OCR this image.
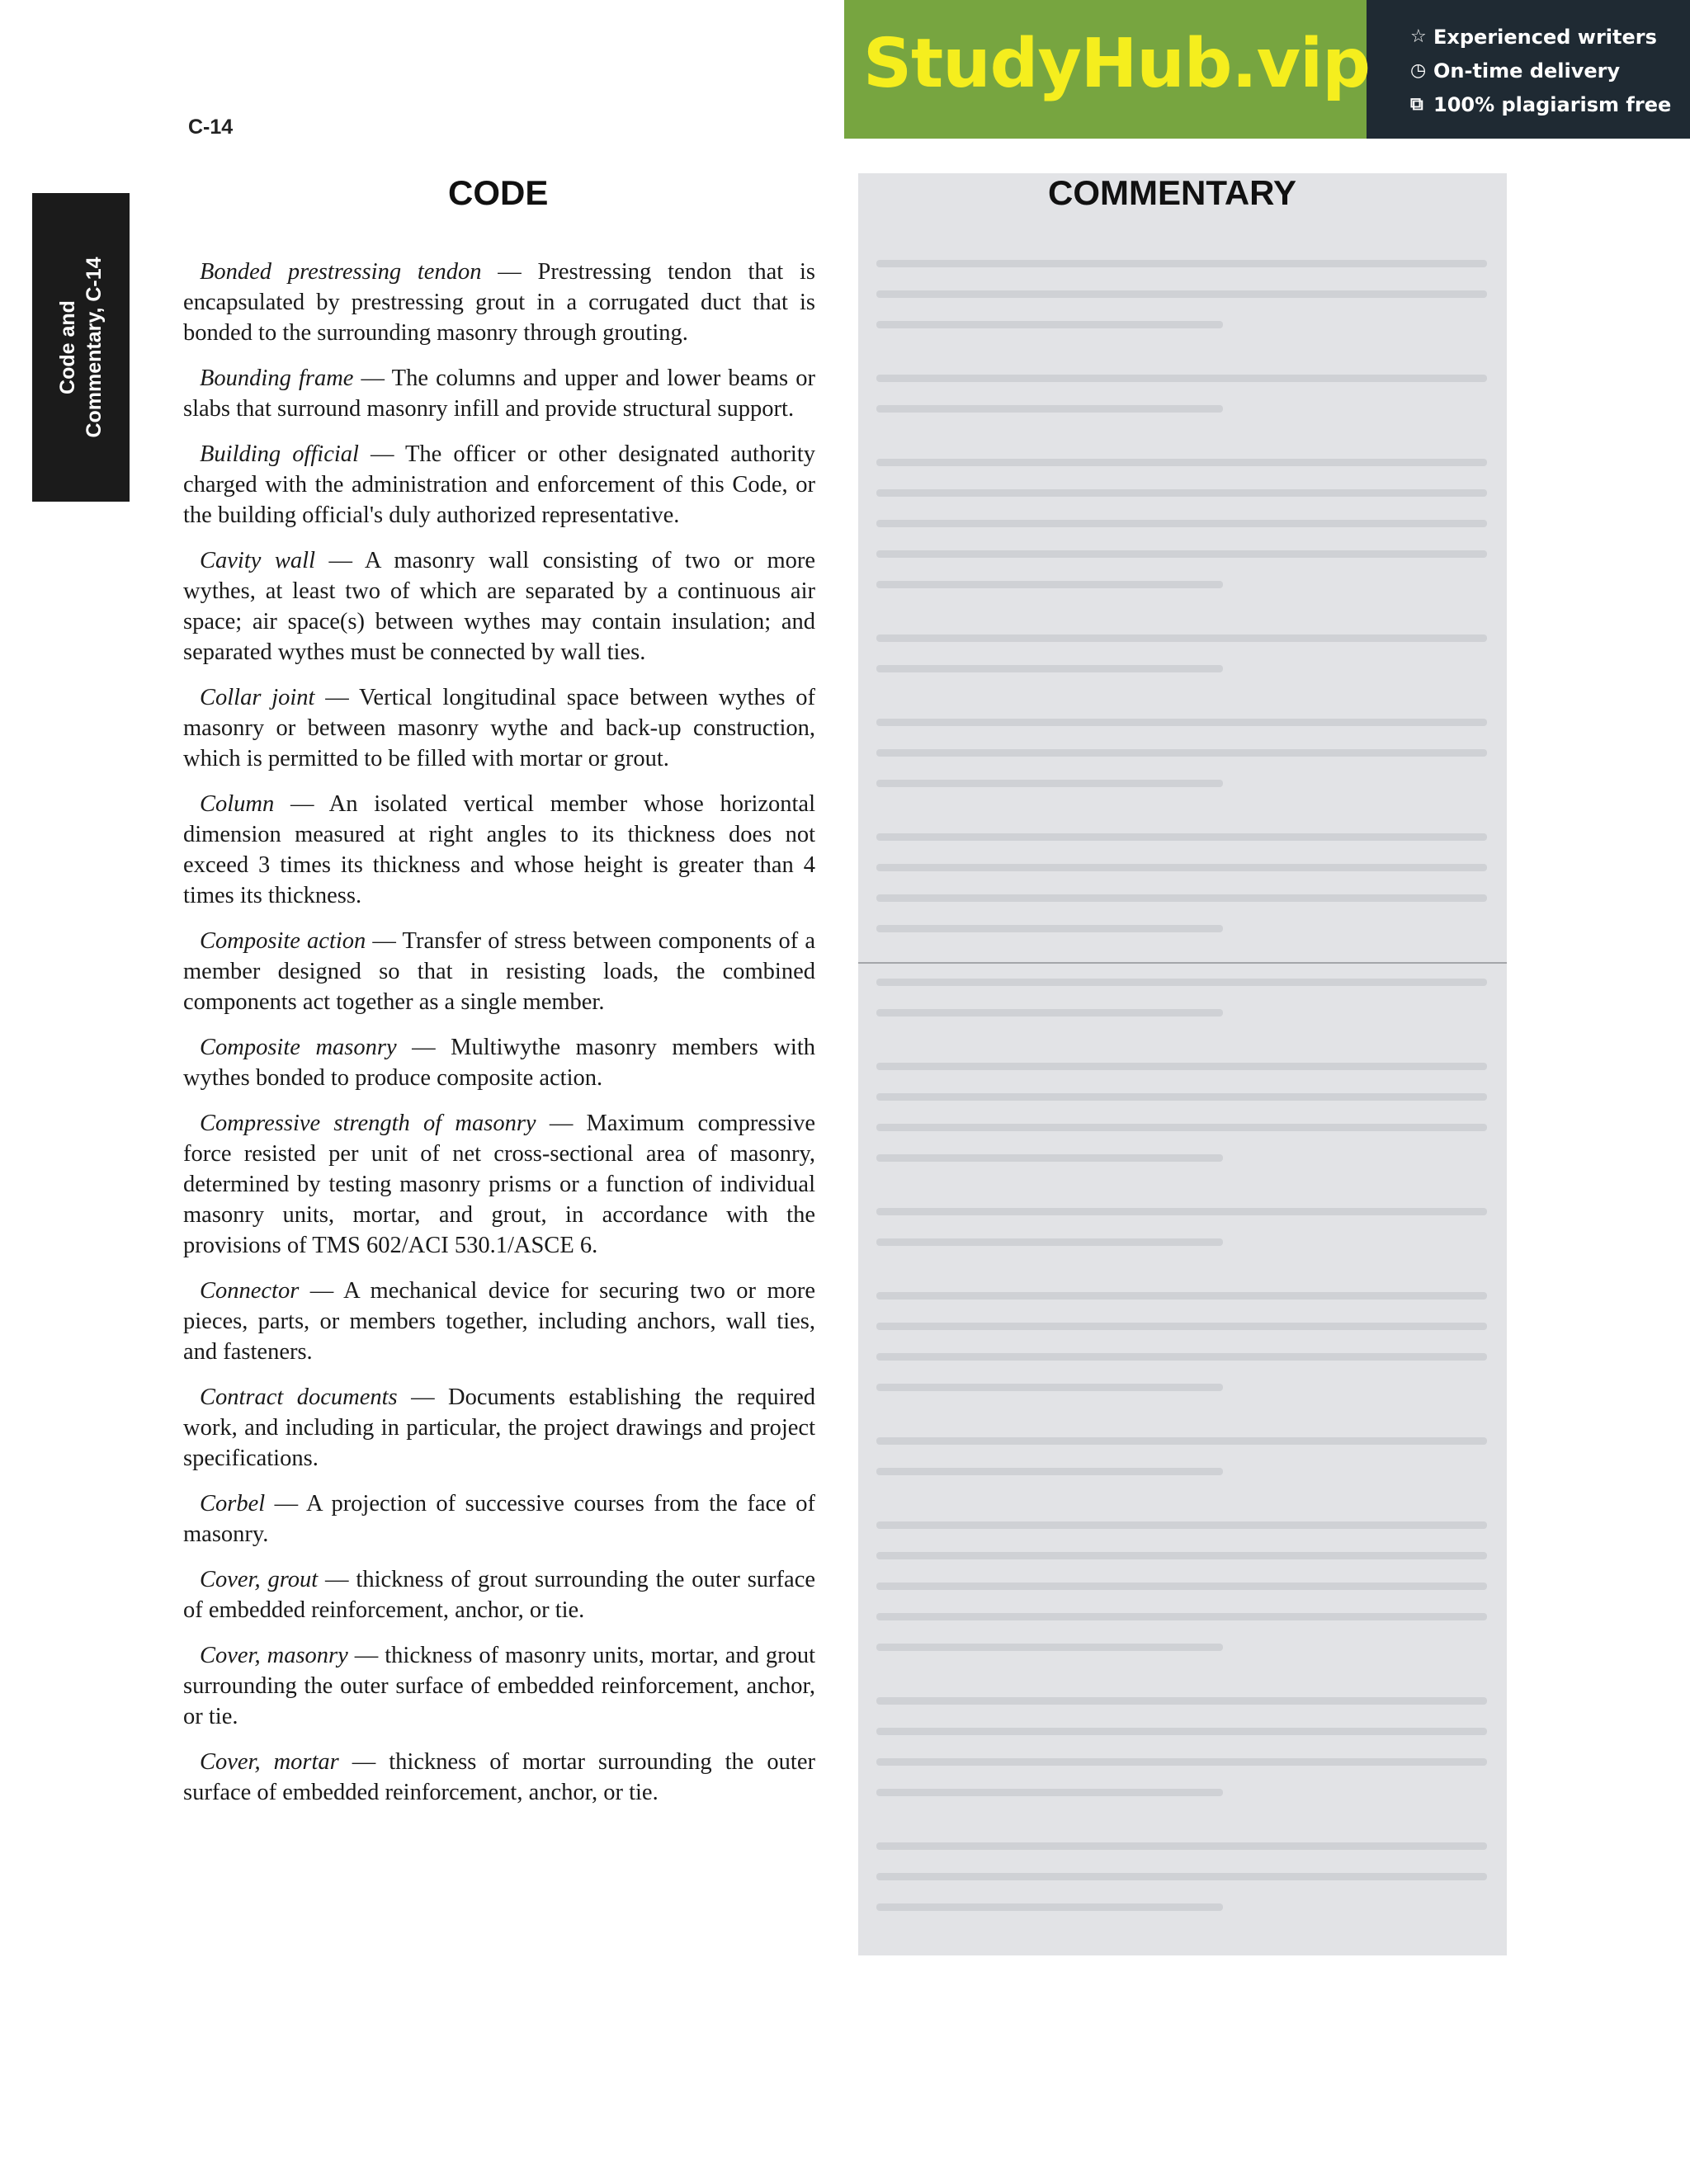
C-14
Code and Commentary, C-14
StudyHub.vip ☆ Experienced writers
◷ On-time delivery
⧉ 100% plagiarism free
CODE

Bonded prestressing tendon — Prestressing tendon that is encapsulated by prestressing grout in a corrugated duct that is bonded to the surrounding masonry through grouting.

Bounding frame — The columns and upper and lower beams or slabs that surround masonry infill and provide structural support.

Building official — The officer or other designated authority charged with the administration and enforcement of this Code, or the building official's duly authorized representative.

Cavity wall — A masonry wall consisting of two or more wythes, at least two of which are separated by a continuous air space; air space(s) between wythes may contain insulation; and separated wythes must be connected by wall ties.

Collar joint — Vertical longitudinal space between wythes of masonry or between masonry wythe and back-up construction, which is permitted to be filled with mortar or grout.

Column — An isolated vertical member whose horizontal dimension measured at right angles to its thickness does not exceed 3 times its thickness and whose height is greater than 4 times its thickness.

Composite action — Transfer of stress between components of a member designed so that in resisting loads, the combined components act together as a single member.

Composite masonry — Multiwythe masonry members with wythes bonded to produce composite action.

Compressive strength of masonry — Maximum compressive force resisted per unit of net cross-sectional area of masonry, determined by testing masonry prisms or a function of individual masonry units, mortar, and grout, in accordance with the provisions of TMS 602/ACI 530.1/ASCE 6.

Connector — A mechanical device for securing two or more pieces, parts, or members together, including anchors, wall ties, and fasteners.

Contract documents — Documents establishing the required work, and including in particular, the project drawings and project specifications.

Corbel — A projection of successive courses from the face of masonry.

Cover, grout — thickness of grout surrounding the outer surface of embedded reinforcement, anchor, or tie.

Cover, masonry — thickness of masonry units, mortar, and grout surrounding the outer surface of embedded reinforcement, anchor, or tie.

Cover, mortar — thickness of mortar surrounding the outer surface of embedded reinforcement, anchor, or tie.

COMMENTARY
